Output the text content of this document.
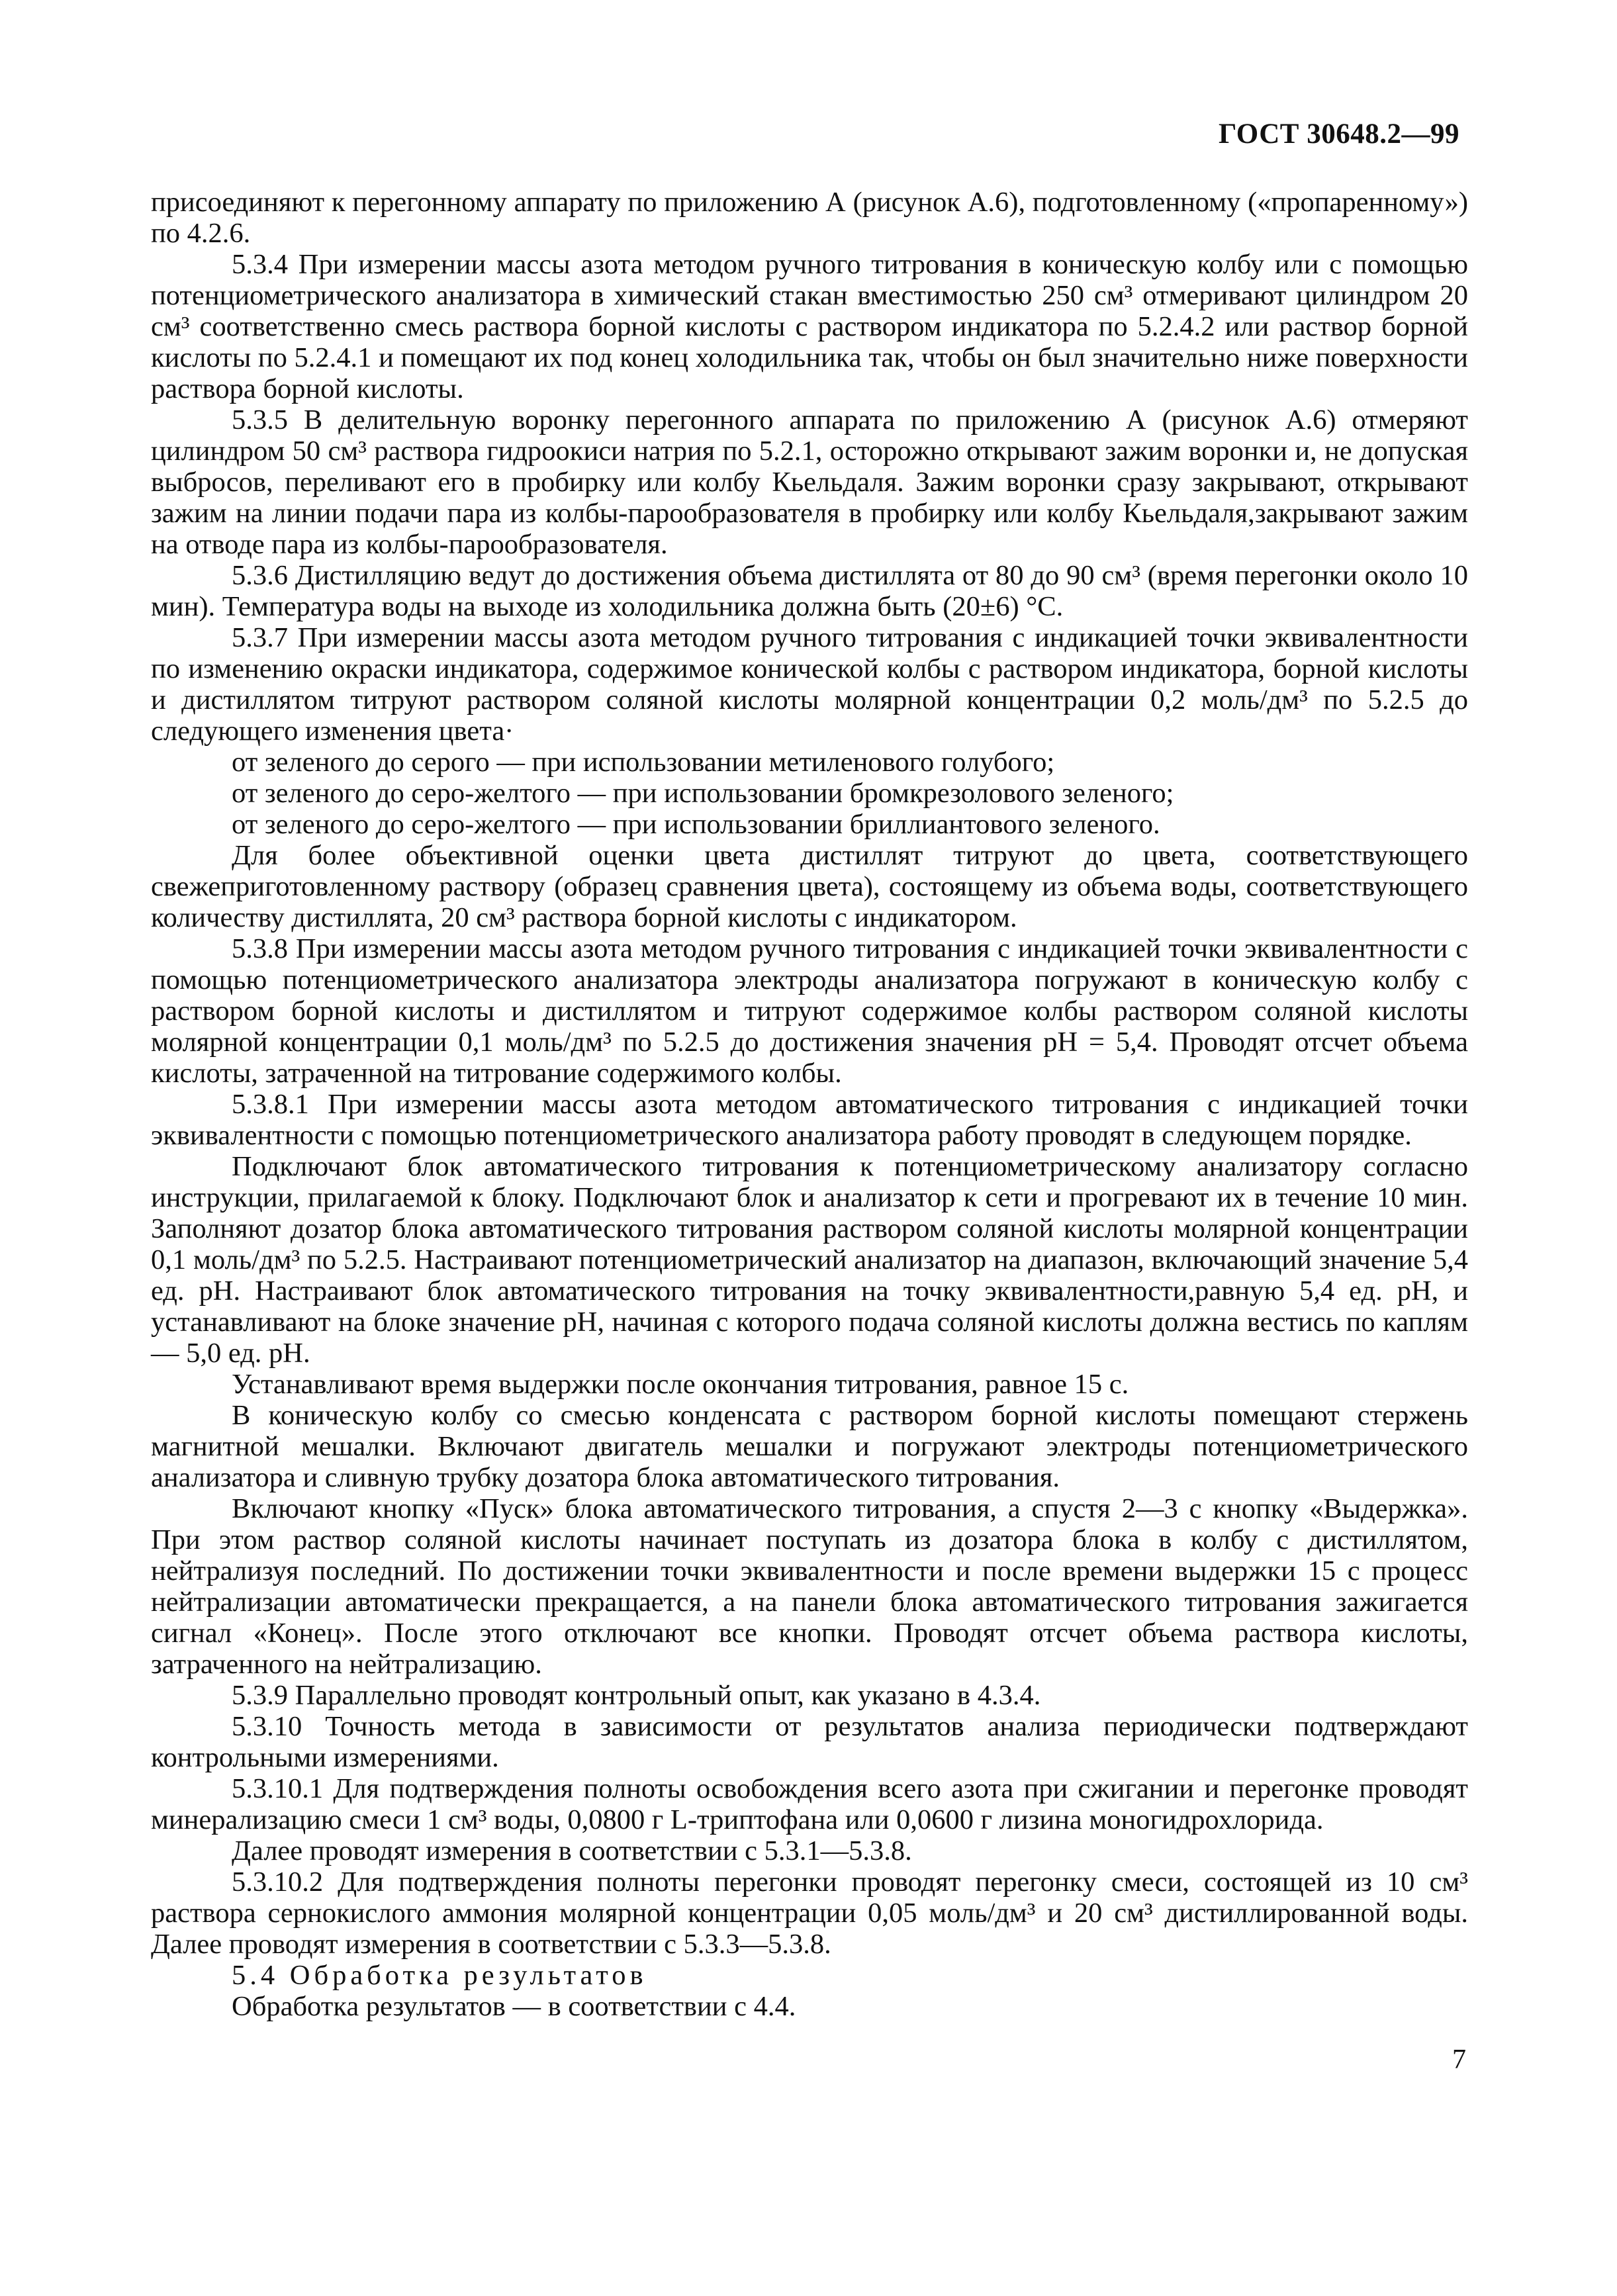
ГОСТ 30648.2—99

присоединяют к перегонному аппарату по приложению А (рисунок А.6), подготовленному («пропаренному») по 4.2.6.

5.3.4 При измерении массы азота методом ручного титрования в коническую колбу или с помощью потенциометрического анализатора в химический стакан вместимостью 250 см³ отмеривают цилиндром 20 см³ соответственно смесь раствора борной кислоты с раствором индикатора по 5.2.4.2 или раствор борной кислоты по 5.2.4.1 и помещают их под конец холодильника так, чтобы он был значительно ниже поверхности раствора борной кислоты.

5.3.5 В делительную воронку перегонного аппарата по приложению А (рисунок А.6) отмеряют цилиндром 50 см³ раствора гидроокиси натрия по 5.2.1, осторожно открывают зажим воронки и, не допуская выбросов, переливают его в пробирку или колбу Кьельдаля. Зажим воронки сразу закрывают, открывают зажим на линии подачи пара из колбы-парообразователя в пробирку или колбу Кьельдаля,закрывают зажим на отводе пара из колбы-парообразователя.

5.3.6 Дистилляцию ведут до достижения объема дистиллята от 80 до 90 см³ (время перегонки около 10 мин). Температура воды на выходе из холодильника должна быть (20±6) °С.

5.3.7 При измерении массы азота методом ручного титрования с индикацией точки эквивалентности по изменению окраски индикатора, содержимое конической колбы с раствором индикатора, борной кислоты и дистиллятом титруют раствором соляной кислоты молярной концентрации 0,2 моль/дм³ по 5.2.5 до следующего изменения цвета·

от зеленого до серого — при использовании метиленового голубого;

от зеленого до серо-желтого — при использовании бромкрезолового зеленого;

от зеленого до серо-желтого — при использовании бриллиантового зеленого.

Для более объективной оценки цвета дистиллят титруют до цвета, соответствующего свежеприготовленному раствору (образец сравнения цвета), состоящему из объема воды, соответствующего количеству дистиллята, 20 см³ раствора борной кислоты с индикатором.

5.3.8 При измерении массы азота методом ручного титрования с индикацией точки эквивалентности с помощью потенциометрического анализатора электроды анализатора погружают в коническую колбу с раствором борной кислоты и дистиллятом и титруют содержимое колбы раствором соляной кислоты молярной концентрации 0,1 моль/дм³ по 5.2.5 до достижения значения рН = 5,4. Проводят отсчет объема кислоты, затраченной на титрование содержимого колбы.

5.3.8.1 При измерении массы азота методом автоматического титрования с индикацией точки эквивалентности с помощью потенциометрического анализатора работу проводят в следующем порядке.

Подключают блок автоматического титрования к потенциометрическому анализатору согласно инструкции, прилагаемой к блоку. Подключают блок и анализатор к сети и прогревают их в течение 10 мин. Заполняют дозатор блока автоматического титрования раствором соляной кислоты молярной концентрации 0,1 моль/дм³ по 5.2.5. Настраивают потенциометрический анализатор на диапазон, включающий значение 5,4 ед. рН. Настраивают блок автоматического титрования на точку эквивалентности,равную 5,4 ед. рН, и устанавливают на блоке значение рН, начиная с которого подача соляной кислоты должна вестись по каплям — 5,0 ед. рН.

Устанавливают время выдержки после окончания титрования, равное 15 с.

В коническую колбу со смесью конденсата с раствором борной кислоты помещают стержень магнитной мешалки. Включают двигатель мешалки и погружают электроды потенциометрического анализатора и сливную трубку дозатора блока автоматического титрования.

Включают кнопку «Пуск» блока автоматического титрования, а спустя 2—3 с кнопку «Выдержка». При этом раствор соляной кислоты начинает поступать из дозатора блока в колбу с дистиллятом, нейтрализуя последний. По достижении точки эквивалентности и после времени выдержки 15 с процесс нейтрализации автоматически прекращается, а на панели блока автоматического титрования зажигается сигнал «Конец». После этого отключают все кнопки. Проводят отсчет объема раствора кислоты, затраченного на нейтрализацию.

5.3.9 Параллельно проводят контрольный опыт, как указано в 4.3.4.

5.3.10 Точность метода в зависимости от результатов анализа периодически подтверждают контрольными измерениями.

5.3.10.1 Для подтверждения полноты освобождения всего азота при сжигании и перегонке проводят минерализацию смеси 1 см³ воды, 0,0800 г L-триптофана или 0,0600 г лизина моногидрохлорида.

Далее проводят измерения в соответствии с 5.3.1—5.3.8.

5.3.10.2 Для подтверждения полноты перегонки проводят перегонку смеси, состоящей из 10 см³ раствора сернокислого аммония молярной концентрации 0,05 моль/дм³ и 20 см³ дистиллированной воды. Далее проводят измерения в соответствии с 5.3.3—5.3.8.

5.4 Обработка результатов

Обработка результатов — в соответствии с 4.4.

7
